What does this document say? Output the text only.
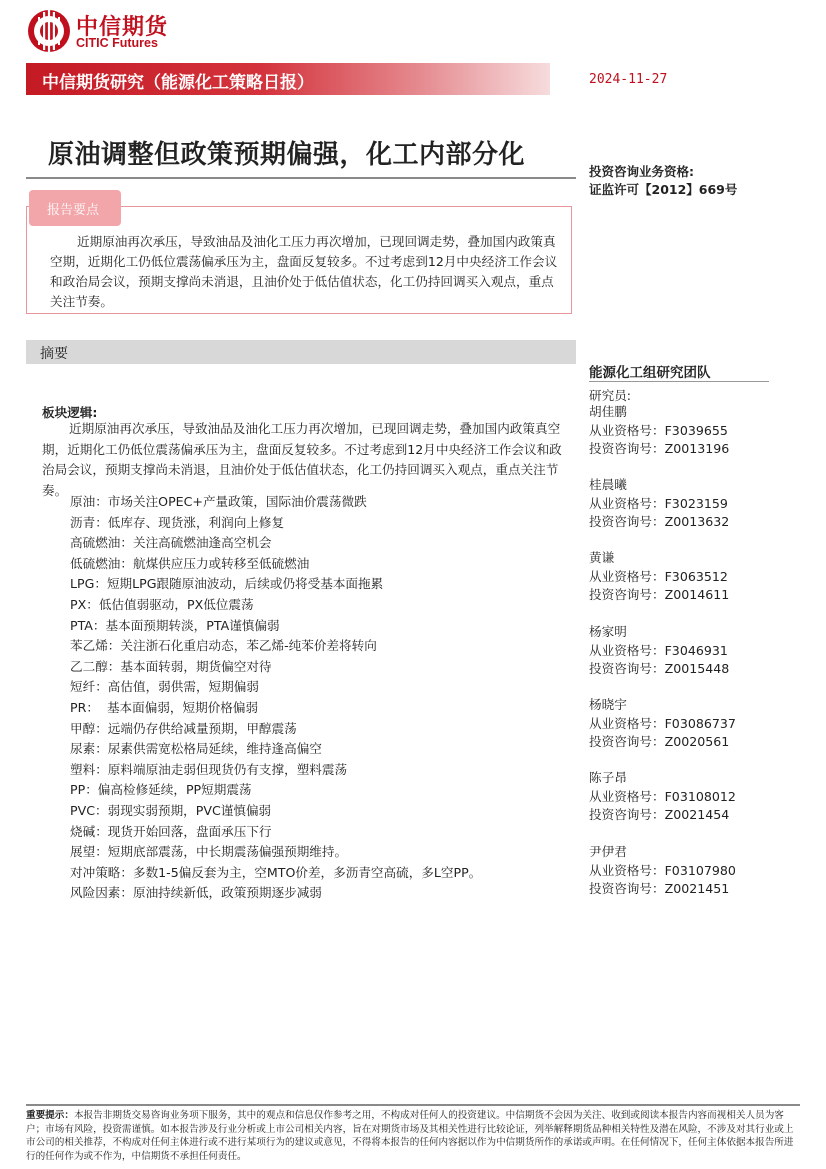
中信期货
CITIC Futures
中信期货研究（能源化工策略日报）	2024-11-27
原油调整但政策预期偏强，化工内部分化
投资咨询业务资格:
证监许可【2012】669号
报告要点
近期原油再次承压，导致油品及油化工压力再次增加，已现回调走势，叠加国内政策真空期，近期化工仍低位震荡偏承压为主，盘面反复较多。不过考虑到12月中央经济工作会议和政治局会议，预期支撑尚未消退，且油价处于低估值状态，化工仍持回调买入观点，重点关注节奏。
摘要
板块逻辑:
近期原油再次承压，导致油品及油化工压力再次增加，已现回调走势，叠加国内政策真空期，近期化工仍低位震荡偏承压为主，盘面反复较多。不过考虑到12月中央经济工作会议和政治局会议，预期支撑尚未消退，且油价处于低估值状态，化工仍持回调买入观点，重点关注节奏。
原油：市场关注OPEC+产量政策，国际油价震荡微跌
沥青：低库存、现货涨，利润向上修复
高硫燃油：关注高硫燃油逢高空机会
低硫燃油：航煤供应压力或转移至低硫燃油
LPG：短期LPG跟随原油波动，后续或仍将受基本面拖累
PX：低估值弱驱动，PX低位震荡
PTA：基本面预期转淡，PTA谨慎偏弱
苯乙烯：关注浙石化重启动态，苯乙烯-纯苯价差将转向
乙二醇：基本面转弱，期货偏空对待
短纤：高估值，弱供需，短期偏弱
PR：  基本面偏弱，短期价格偏弱
甲醇：远端仍存供给减量预期，甲醇震荡
尿素：尿素供需宽松格局延续，维持逢高偏空
塑料：原料端原油走弱但现货仍有支撑，塑料震荡
PP：偏高检修延续，PP短期震荡
PVC：弱现实弱预期，PVC谨慎偏弱
烧碱：现货开始回落，盘面承压下行
展望：短期底部震荡，中长期震荡偏强预期维持。
对冲策略：多数1-5偏反套为主，空MTO价差，多沥青空高硫，多L空PP。
风险因素：原油持续新低，政策预期逐步减弱
能源化工组研究团队
研究员:
胡佳鹏
从业资格号：F3039655
投资咨询号：Z0013196
桂晨曦
从业资格号：F3023159
投资咨询号：Z0013632
黄谦
从业资格号：F3063512
投资咨询号：Z0014611
杨家明
从业资格号：F3046931
投资咨询号：Z0015448
杨晓宇
从业资格号：F03086737
投资咨询号：Z0020561
陈子昂
从业资格号：F03108012
投资咨询号：Z0021454
尹伊君
从业资格号：F03107980
投资咨询号：Z0021451
重要提示：本报告非期货交易咨询业务项下服务，其中的观点和信息仅作参考之用，不构成对任何人的投资建议。中信期货不会因为关注、收到或阅读本报告内容而视相关人员为客户；市场有风险，投资需谨慎。如本报告涉及行业分析或上市公司相关内容，旨在对期货市场及其相关性进行比较论证，列举解释期货品种相关特性及潜在风险，不涉及对其行业或上市公司的相关推荐，不构成对任何主体进行或不进行某项行为的建议或意见，不得将本报告的任何内容据以作为中信期货所作的承诺或声明。在任何情况下，任何主体依据本报告所进行的任何作为或不作为，中信期货不承担任何责任。
